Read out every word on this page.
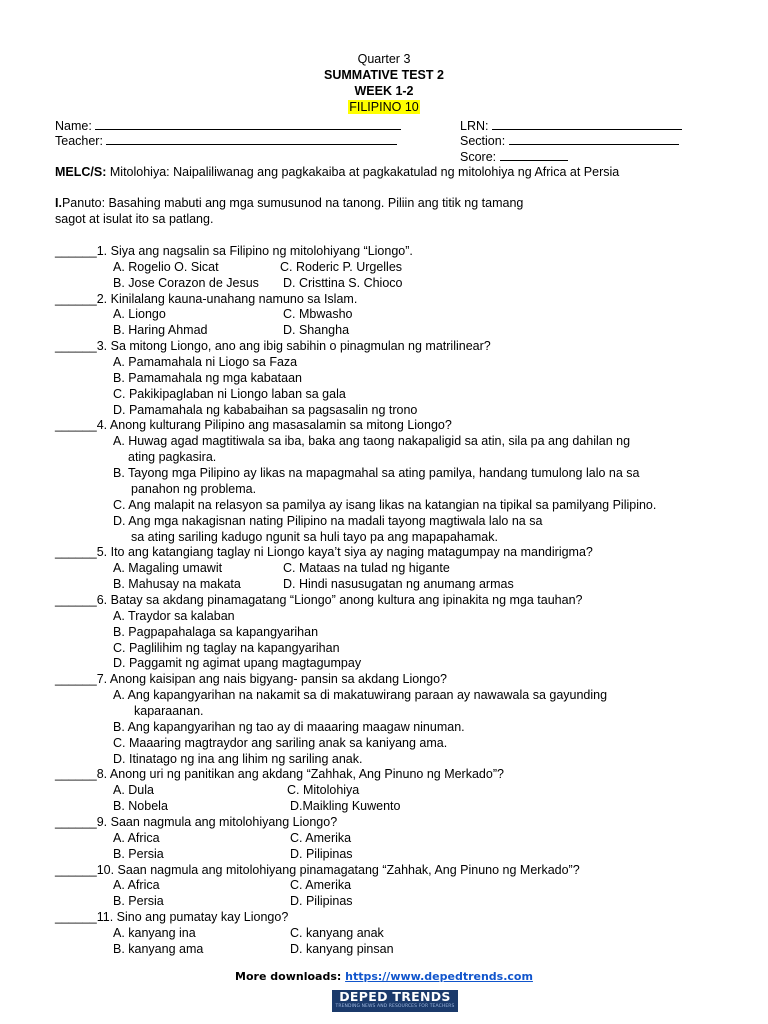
Quarter 3
SUMMATIVE TEST 2
WEEK 1-2
FILIPINO 10
Name:	LRN:
Teacher:	Section:
Score:
MELC/S: Mitolohiya: Naipaliliwanag ang pagkakaiba at pagkakatulad ng mitolohiya ng Africa at Persia
I.Panuto: Basahing mabuti ang mga sumusunod na tanong. Piliin ang titik ng tamang
sagot at isulat ito sa patlang.
______1. Siya ang nagsalin sa Filipino ng mitolohiyang “Liongo”.
A. Rogelio O. Sicat	C. Roderic P. Urgelles
B. Jose Corazon de Jesus D. Cristtina S. Chioco
______2. Kinilalang kauna-unahang namuno sa Islam.
A. Liongo	C. Mbwasho
B. Haring Ahmad	D. Shangha
______3. Sa mitong Liongo, ano ang ibig sabihin o pinagmulan ng matrilinear?
A. Pamamahala ni Liogo sa Faza
B. Pamamahala ng mga kabataan
C. Pakikipaglaban ni Liongo laban sa gala
D. Pamamahala ng kababaihan sa pagsasalin ng trono
______4. Anong kulturang Pilipino ang masasalamin sa mitong Liongo?
A. Huwag agad magtitiwala sa iba, baka ang taong nakapaligid sa atin, sila pa ang dahilan ng
ating pagkasira.
B. Tayong mga Pilipino ay likas na mapagmahal sa ating pamilya, handang tumulong lalo na sa
panahon ng problema.
C. Ang malapit na relasyon sa pamilya ay isang likas na katangian na tipikal sa pamilyang Pilipino.
D. Ang mga nakagisnan nating Pilipino na madali tayong magtiwala lalo na sa
sa ating sariling kadugo ngunit sa huli tayo pa ang mapapahamak.
______5. Ito ang katangiang taglay ni Liongo kaya’t siya ay naging matagumpay na mandirigma?
A. Magaling umawit	C. Mataas na tulad ng higante
B. Mahusay na makata	D. Hindi nasusugatan ng anumang armas
______6. Batay sa akdang pinamagatang “Liongo” anong kultura ang ipinakita ng mga tauhan?
A. Traydor sa kalaban
B. Pagpapahalaga sa kapangyarihan
C. Paglilihim ng taglay na kapangyarihan
D. Paggamit ng agimat upang magtagumpay
______7. Anong kaisipan ang nais bigyang- pansin sa akdang Liongo?
A. Ang kapangyarihan na nakamit sa di makatuwirang paraan ay nawawala sa gayunding
kaparaanan.
B. Ang kapangyarihan ng tao ay di maaaring maagaw ninuman.
C. Maaaring magtraydor ang sariling anak sa kaniyang ama.
D. Itinatago ng ina ang lihim ng sariling anak.
______8. Anong uri ng panitikan ang akdang “Zahhak, Ang Pinuno ng Merkado”?
A. Dula	C. Mitolohiya
B. Nobela	D.Maikling Kuwento
______9. Saan nagmula ang mitolohiyang Liongo?
A. Africa	C. Amerika
B. Persia	D. Pilipinas
______10. Saan nagmula ang mitolohiyang pinamagatang “Zahhak, Ang Pinuno ng Merkado”?
A. Africa	C. Amerika
B. Persia	D. Pilipinas
______11. Sino ang pumatay kay Liongo?
A. kanyang ina	C. kanyang anak
B. kanyang ama	D. kanyang pinsan
More downloads: https://www.depedtrends.com
DEPED TRENDS
TRENDING NEWS AND RESOURCES FOR TEACHERS
